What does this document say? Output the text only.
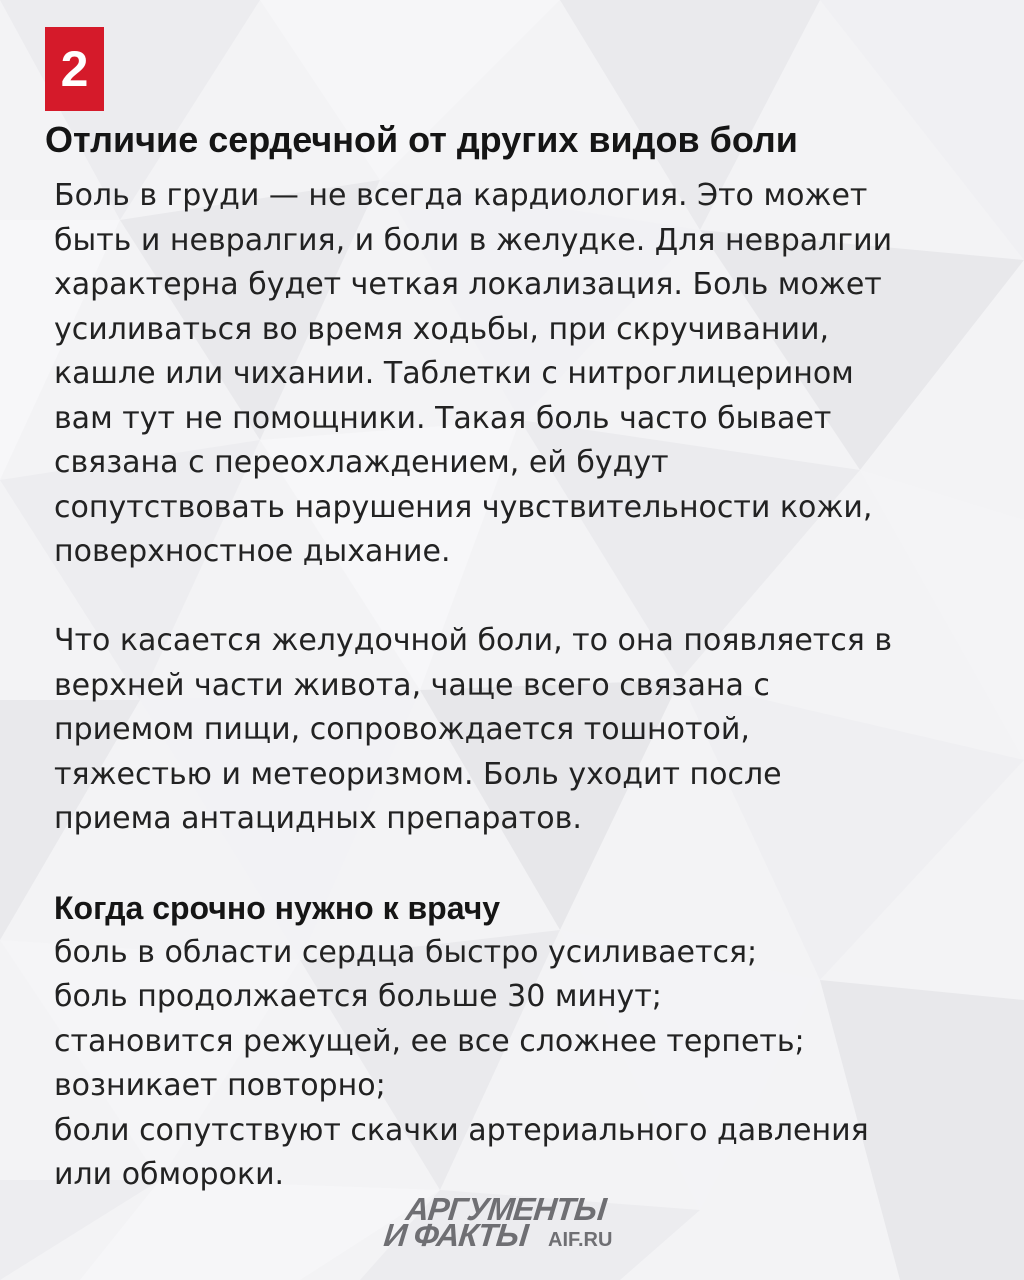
2
Отличие сердечной от других видов боли
Боль в груди — не всегда кардиология. Это может
быть и невралгия, и боли в желудке. Для невралгии
характерна будет четкая локализация. Боль может
усиливаться во время ходьбы, при скручивании,
кашле или чихании. Таблетки с нитроглицерином
вам тут не помощники. Такая боль часто бывает
связана с переохлаждением, ей будут
сопутствовать нарушения чувствительности кожи,
поверхностное дыхание.
Что касается желудочной боли, то она появляется в
верхней части живота, чаще всего связана с
приемом пищи, сопровождается тошнотой,
тяжестью и метеоризмом. Боль уходит после
приема антацидных препаратов.
Когда срочно нужно к врачу
боль в области сердца быстро усиливается;
боль продолжается больше 30 минут;
становится режущей, ее все сложнее терпеть;
возникает повторно;
боли сопутствуют скачки артериального давления
или обмороки.
АРГУМЕНТЫ
И ФАКТЫ AIF.RU
